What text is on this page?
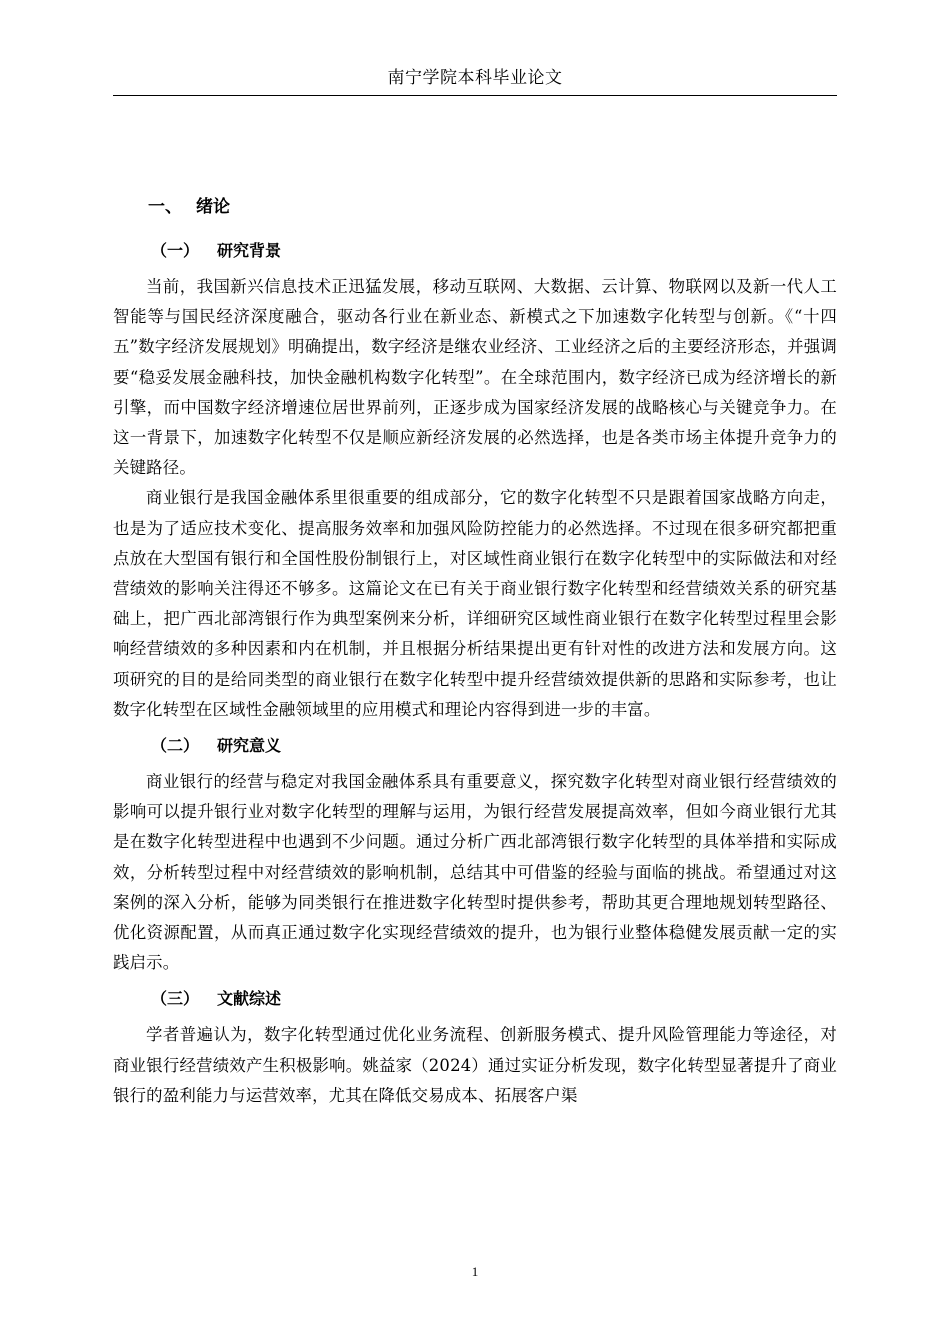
南宁学院本科毕业论文
一、 绪论
（一） 研究背景

当前，我国新兴信息技术正迅猛发展，移动互联网、大数据、云计算、物联网以及新一代人工智能等与国民经济深度融合，驱动各行业在新业态、新模式之下加速数字化转型与创新。《“十四五”数字经济发展规划》明确提出，数字经济是继农业经济、工业经济之后的主要经济形态，并强调要“稳妥发展金融科技，加快金融机构数字化转型”。在全球范围内，数字经济已成为经济增长的新引擎，而中国数字经济增速位居世界前列，正逐步成为国家经济发展的战略核心与关键竞争力。在这一背景下，加速数字化转型不仅是顺应新经济发展的必然选择，也是各类市场主体提升竞争力的关键路径。

商业银行是我国金融体系里很重要的组成部分，它的数字化转型不只是跟着国家战略方向走，也是为了适应技术变化、提高服务效率和加强风险防控能力的必然选择。不过现在很多研究都把重点放在大型国有银行和全国性股份制银行上，对区域性商业银行在数字化转型中的实际做法和对经营绩效的影响关注得还不够多。这篇论文在已有关于商业银行数字化转型和经营绩效关系的研究基础上，把广西北部湾银行作为典型案例来分析，详细研究区域性商业银行在数字化转型过程里会影响经营绩效的多种因素和内在机制，并且根据分析结果提出更有针对性的改进方法和发展方向。这项研究的目的是给同类型的商业银行在数字化转型中提升经营绩效提供新的思路和实际参考，也让数字化转型在区域性金融领域里的应用模式和理论内容得到进一步的丰富。

（二） 研究意义

商业银行的经营与稳定对我国金融体系具有重要意义，探究数字化转型对商业银行经营绩效的影响可以提升银行业对数字化转型的理解与运用，为银行经营发展提高效率，但如今商业银行尤其是在数字化转型进程中也遇到不少问题。通过分析广西北部湾银行数字化转型的具体举措和实际成效，分析转型过程中对经营绩效的影响机制，总结其中可借鉴的经验与面临的挑战。希望通过对这案例的深入分析，能够为同类银行在推进数字化转型时提供参考，帮助其更合理地规划转型路径、优化资源配置，从而真正通过数字化实现经营绩效的提升，也为银行业整体稳健发展贡献一定的实践启示。

（三） 文献综述

学者普遍认为，数字化转型通过优化业务流程、创新服务模式、提升风险管理能力等途径，对商业银行经营绩效产生积极影响。姚益家（2024）通过实证分析发现，数字化转型显著提升了商业银行的盈利能力与运营效率，尤其在降低交易成本、拓展客户渠

1
